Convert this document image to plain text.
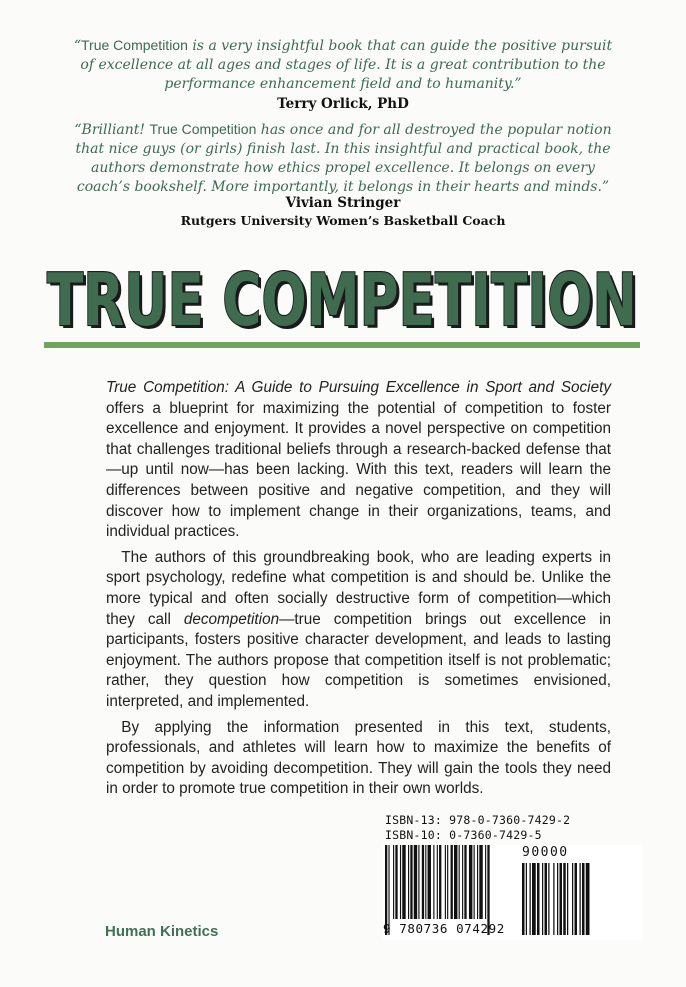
“True Competition is a very insightful book that can guide the positive pursuit of excellence at all ages and stages of life. It is a great contribution to the performance enhancement field and to humanity.”
Terry Orlick, PhD
“Brilliant! True Competition has once and for all destroyed the popular notion that nice guys (or girls) finish last. In this insightful and practical book, the authors demonstrate how ethics propel excellence. It belongs on every coach’s bookshelf. More importantly, it belongs in their hearts and minds.”
Vivian Stringer
Rutgers University Women’s Basketball Coach
TRUE COMPETITION
TRUE COMPETITION

True Competition: A Guide to Pursuing Excellence in Sport and Society offers a blueprint for maximizing the potential of competition to foster excellence and enjoyment. It provides a novel perspective on competition that challenges traditional beliefs through a research-backed defense that—up until now—has been lacking. With this text, readers will learn the differences between positive and negative competition, and they will discover how to implement change in their organizations, teams, and individual practices.

 The authors of this groundbreaking book, who are leading experts in sport psychology, redefine what competition is and should be. Unlike the more typical and often socially destructive form of competition—which they call decompetition—true competition brings out excellence in participants, fosters positive character development, and leads to lasting enjoyment. The authors propose that competition itself is not problematic; rather, they question how competition is sometimes envisioned, interpreted, and implemented.

 By applying the information presented in this text, students, professionals, and athletes will learn how to maximize the benefits of competition by avoiding decompetition. They will gain the tools they need in order to promote true competition in their own worlds.

Human Kinetics
ISBN-13: 978-0-7360-7429-2
ISBN-10: 0-7360-7429-5
90000
9 780736 074292
